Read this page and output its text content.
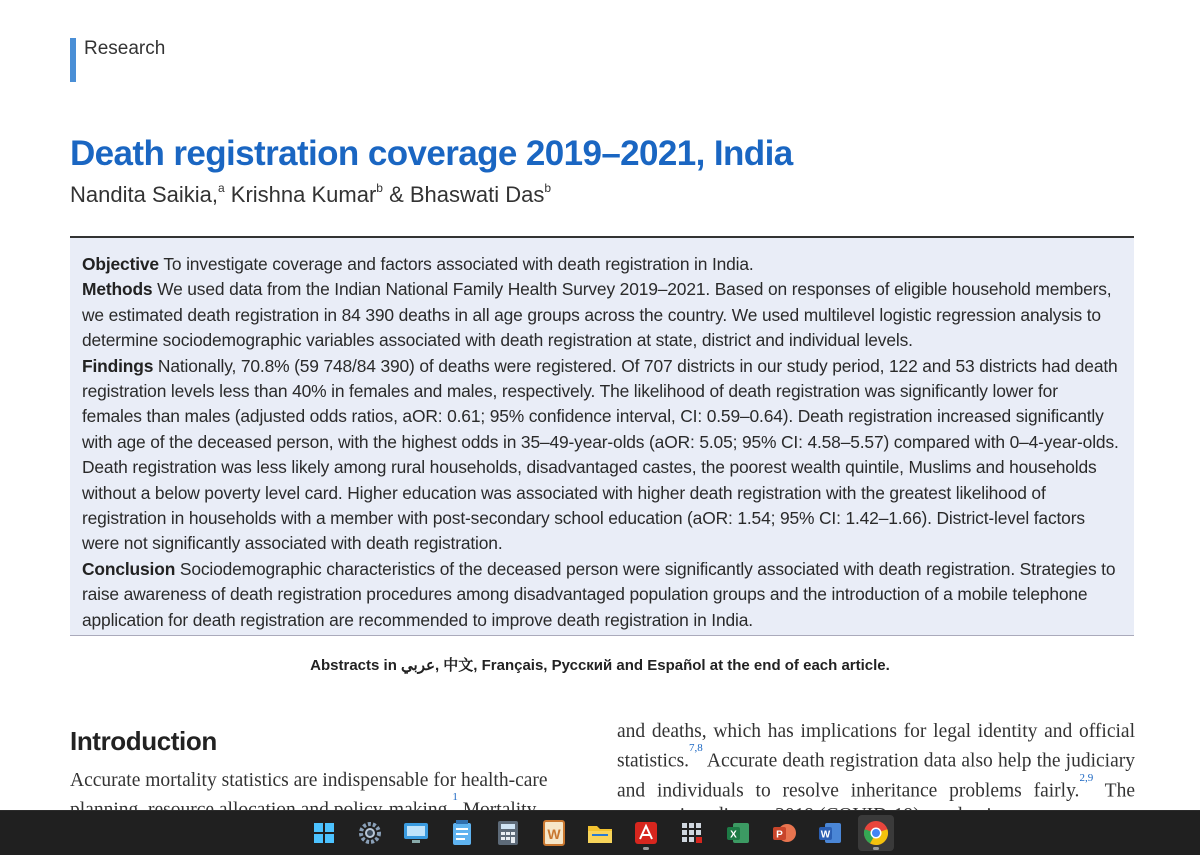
Research
Death registration coverage 2019–2021, India
Nandita Saikia,$^a$ Krishna Kumar$^b$ & Bhaswati Das$^b$

Objective To investigate coverage and factors associated with death registration in India.

Methods We used data from the Indian National Family Health Survey 2019–2021. Based on responses of eligible household members, we estimated death registration in 84 390 deaths in all age groups across the country. We used multilevel logistic regression analysis to determine sociodemographic variables associated with death registration at state, district and individual levels.

Findings Nationally, 70.8% (59 748/84 390) of deaths were registered. Of 707 districts in our study period, 122 and 53 districts had death registration levels less than 40% in females and males, respectively. The likelihood of death registration was significantly lower for females than males (adjusted odds ratios, aOR: 0.61; 95% confidence interval, CI: 0.59–0.64). Death registration increased significantly with age of the deceased person, with the highest odds in 35–49-year-olds (aOR: 5.05; 95% CI: 4.58–5.57) compared with 0–4-year-olds. Death registration was less likely among rural households, disadvantaged castes, the poorest wealth quintile, Muslims and households without a below poverty level card. Higher education was associated with higher death registration with the greatest likelihood of registration in households with a member with post-secondary school education (aOR: 1.54; 95% CI: 1.42–1.66). District-level factors were not significantly associated with death registration.

Conclusion Sociodemographic characteristics of the deceased person were significantly associated with death registration. Strategies to raise awareness of death registration procedures among disadvantaged population groups and the introduction of a mobile telephone application for death registration are recommended to improve death registration in India.

Abstracts in عربي, 中文, Français, Русский and Español at the end of each article.
Introduction
Accurate mortality statistics are indispensable for health-care $^1$
and deaths, which has implications for legal identity and official statistics.$^{7,8}$ Accurate death registration data also help the judiciary and individuals to resolve inheritance problems fairly.$^{2,9}$ The
W	X	P	W
